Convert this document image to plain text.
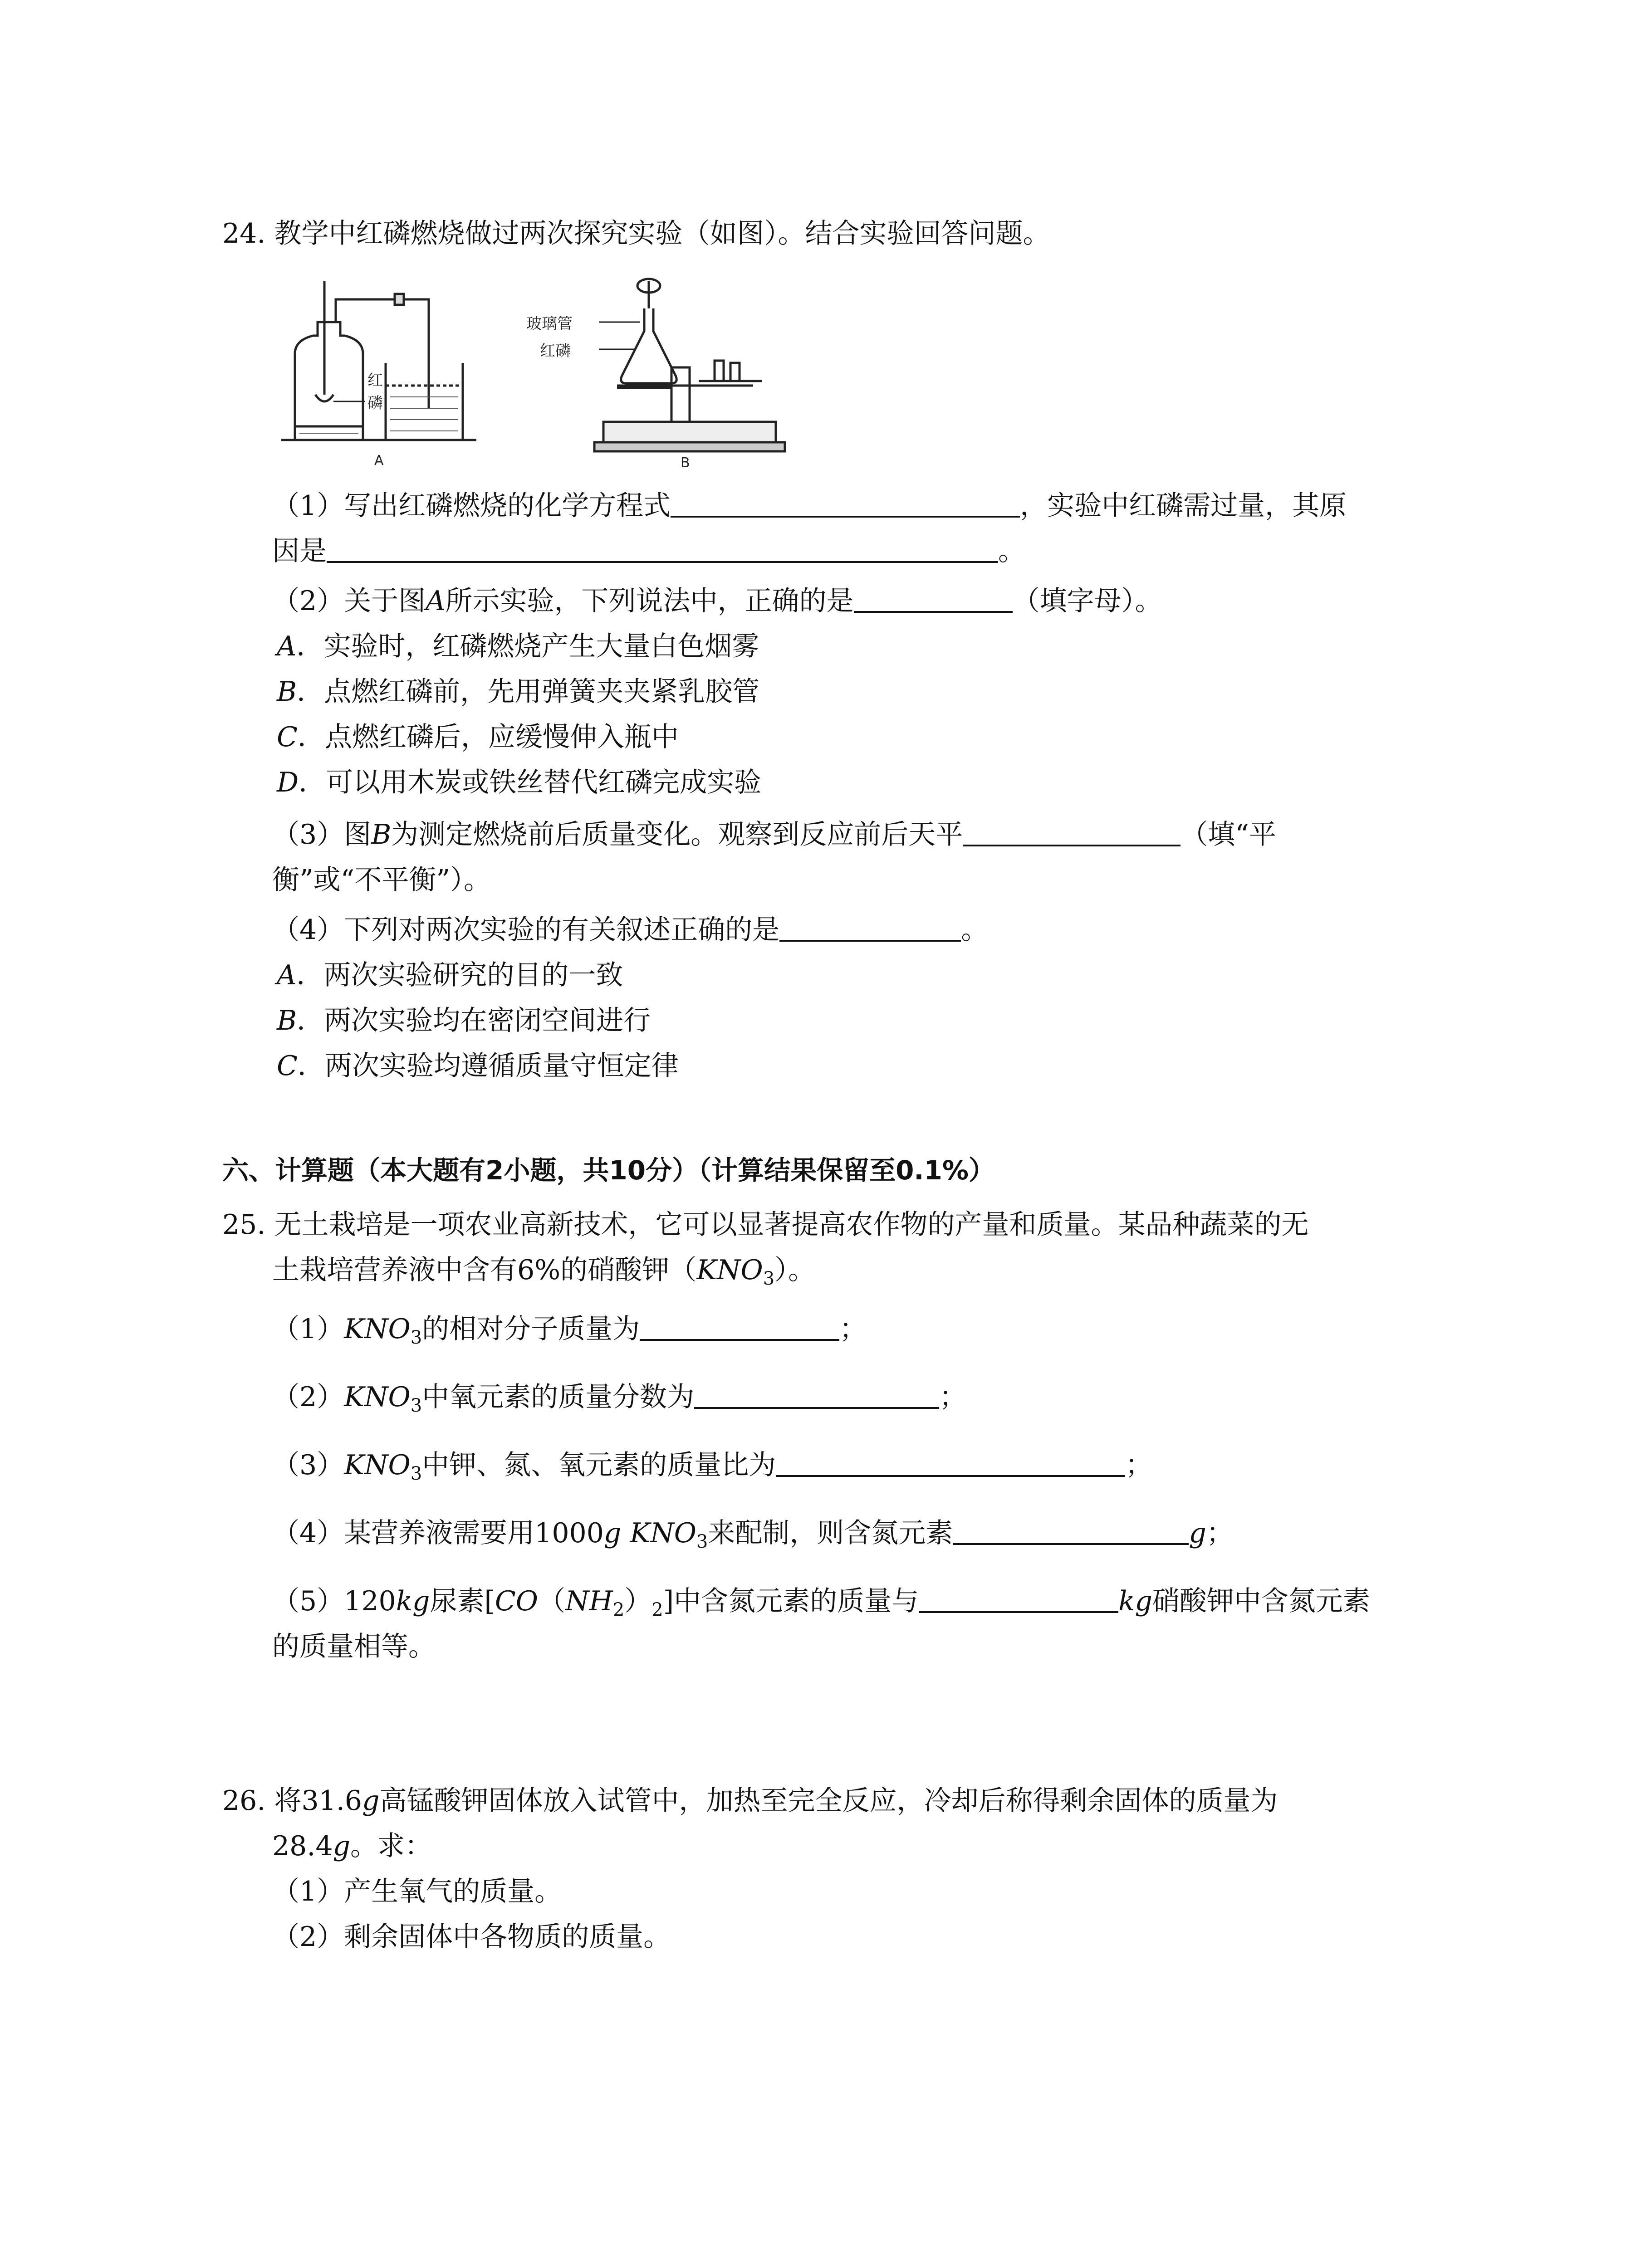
24. 教学中红磷燃烧做过两次探究实验（如图）。结合实验回答问题。
红
磷
A
玻璃管
红磷
B
（1）写出红磷燃烧的化学方程式	，实验中红磷需过量，其原
因是	。
（2）关于图A所示实验，下列说法中，正确的是	（填字母）。
A．实验时，红磷燃烧产生大量白色烟雾
B．点燃红磷前，先用弹簧夹夹紧乳胶管
C．点燃红磷后，应缓慢伸入瓶中
D．可以用木炭或铁丝替代红磷完成实验
（3）图B为测定燃烧前后质量变化。观察到反应前后天平	（填“平
衡”或“不平衡”）。
（4）下列对两次实验的有关叙述正确的是	。
A．两次实验研究的目的一致
B．两次实验均在密闭空间进行
C．两次实验均遵循质量守恒定律
六、计算题（本大题有2小题，共10分）（计算结果保留至0.1%）
25. 无土栽培是一项农业高新技术，它可以显著提高农作物的产量和质量。某品种蔬菜的无
土栽培营养液中含有6%的硝酸钾$(KNO_3)$。
$(1)KNO_3$的相对分子质量为	；
$(2)KNO_3$中氧元素的质量分数为	；
$(3)KNO_3$中钾、氮、氧元素的质量比为	；
（4）某营养液需要用1000g $KNO_3$来配制，则含氮元素	g；
（5）120kg尿素$[CO(NH_2)_2]$中含氮元素的质量与	kg硝酸钾中含氮元素
的质量相等。
26. 将31.6g高锰酸钾固体放入试管中，加热至完全反应，冷却后称得剩余固体的质量为
28.4g。求：
（1）产生氧气的质量。
（2）剩余固体中各物质的质量。
